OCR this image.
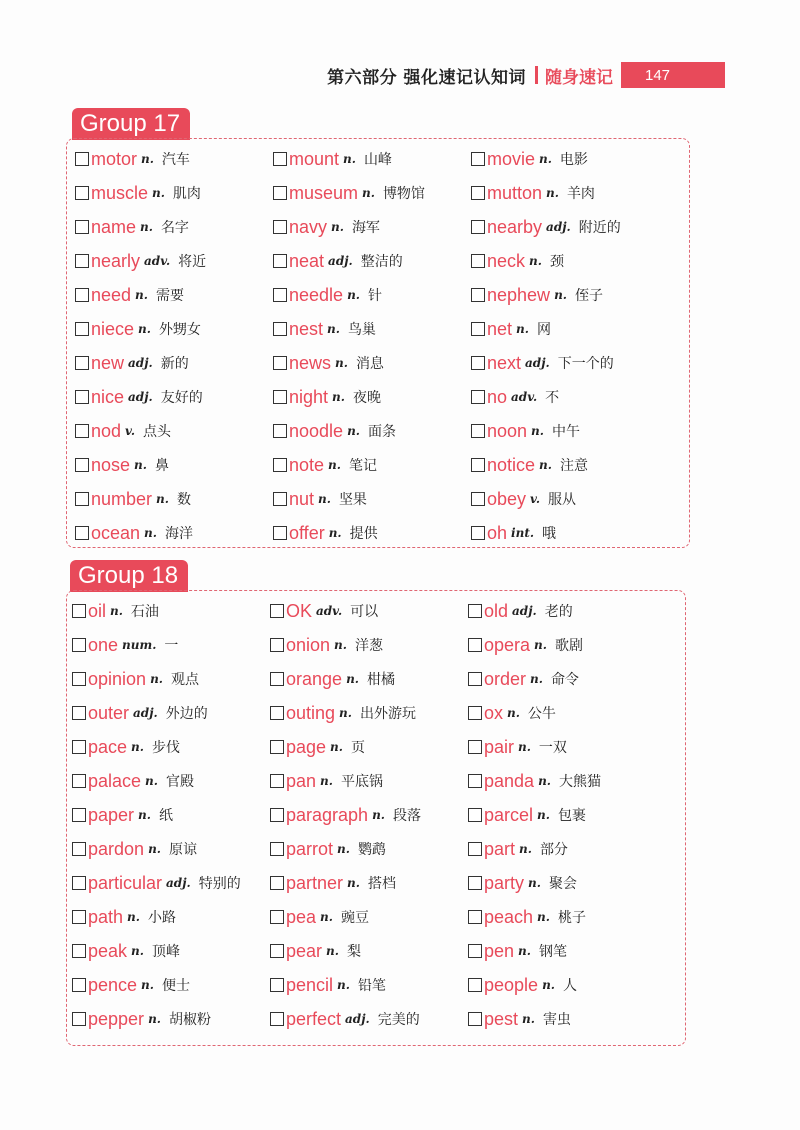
第六部分 强化速记认知词 随身速记	147
Group 17
motor n. 汽车	mount n. 山峰	movie n. 电影
muscle n. 肌肉	museum n. 博物馆	mutton n. 羊肉
name n. 名字	navy n. 海军	nearby adj. 附近的
nearly adv. 将近	neat adj. 整洁的	neck n. 颈
need n. 需要	needle n. 针	nephew n. 侄子
niece n. 外甥女	nest n. 鸟巢	net n. 网
new adj. 新的	news n. 消息	next adj. 下一个的
nice adj. 友好的	night n. 夜晚	no adv. 不
nod v. 点头	noodle n. 面条	noon n. 中午
nose n. 鼻	note n. 笔记	notice n. 注意
number n. 数	nut n. 坚果	obey v. 服从
ocean n. 海洋	offer n. 提供	oh int. 哦
Group 18
oil n. 石油	OK adv. 可以	old adj. 老的
one num. 一	onion n. 洋葱	opera n. 歌剧
opinion n. 观点	orange n. 柑橘	order n. 命令
outer adj. 外边的	outing n. 出外游玩	ox n. 公牛
pace n. 步伐	page n. 页	pair n. 一双
palace n. 官殿	pan n. 平底锅	panda n. 大熊猫
paper n. 纸	paragraph n. 段落	parcel n. 包裹
pardon n. 原谅	parrot n. 鹦鹉	part n. 部分
particular adj. 特别的	partner n. 搭档	party n. 聚会
path n. 小路	pea n. 豌豆	peach n. 桃子
peak n. 顶峰	pear n. 梨	pen n. 钢笔
pence n. 便士	pencil n. 铅笔	people n. 人
pepper n. 胡椒粉	perfect adj. 完美的	pest n. 害虫
